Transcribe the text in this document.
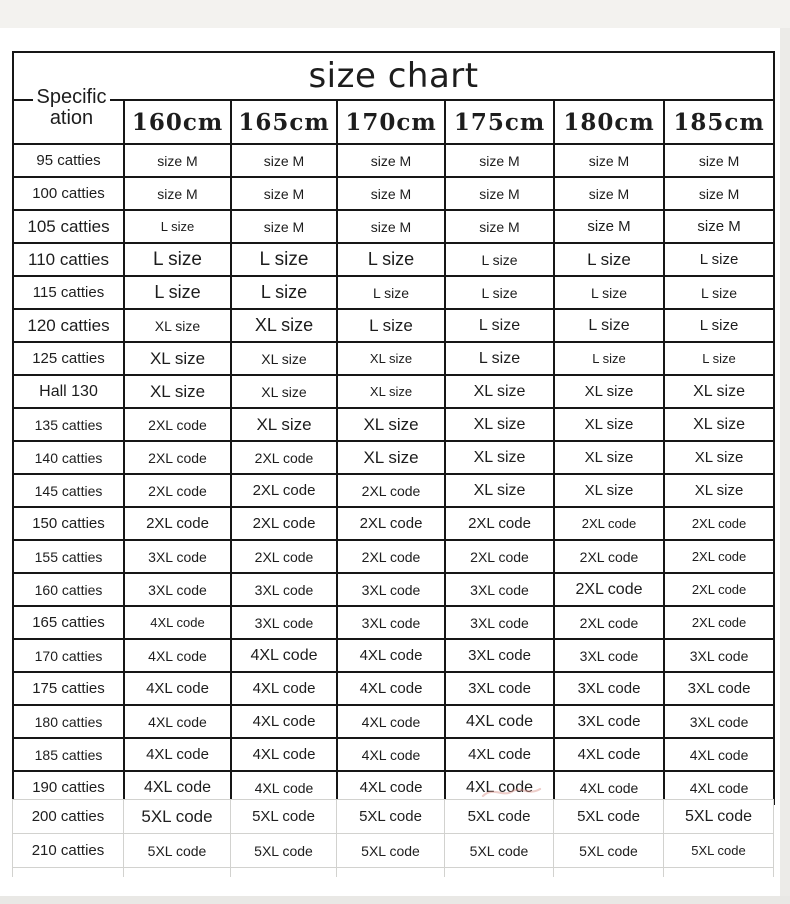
size chart						

Specific
ation	160cm	165cm	170cm	175cm	180cm	185cm
95 catties	size M	size M	size M	size M	size M	size M
100 catties	size M	size M	size M	size M	size M	size M
105 catties	L size	size M	size M	size M	size M	size M
110 catties	L size	L size	L size	L size	L size	L size
115 catties	L size	L size	L size	L size	L size	L size
120 catties	XL size	XL size	L size	L size	L size	L size
125 catties	XL size	XL size	XL size	L size	L size	L size
Hall 130	XL size	XL size	XL size	XL size	XL size	XL size
135 catties	2XL code	XL size	XL size	XL size	XL size	XL size
140 catties	2XL code	2XL code	XL size	XL size	XL size	XL size
145 catties	2XL code	2XL code	2XL code	XL size	XL size	XL size
150 catties	2XL code	2XL code	2XL code	2XL code	2XL code	2XL code
155 catties	3XL code	2XL code	2XL code	2XL code	2XL code	2XL code
160 catties	3XL code	3XL code	3XL code	3XL code	2XL code	2XL code
165 catties	4XL code	3XL code	3XL code	3XL code	2XL code	2XL code
170 catties	4XL code	4XL code	4XL code	3XL code	3XL code	3XL code
175 catties	4XL code	4XL code	4XL code	3XL code	3XL code	3XL code
180 catties	4XL code	4XL code	4XL code	4XL code	3XL code	3XL code
185 catties	4XL code	4XL code	4XL code	4XL code	4XL code	4XL code
190 catties	4XL code	4XL code	4XL code	4XL code	4XL code	4XL code
200 catties	5XL code	5XL code	5XL code	5XL code	5XL code	5XL code
210 catties	5XL code	5XL code	5XL code	5XL code	5XL code	5XL code
